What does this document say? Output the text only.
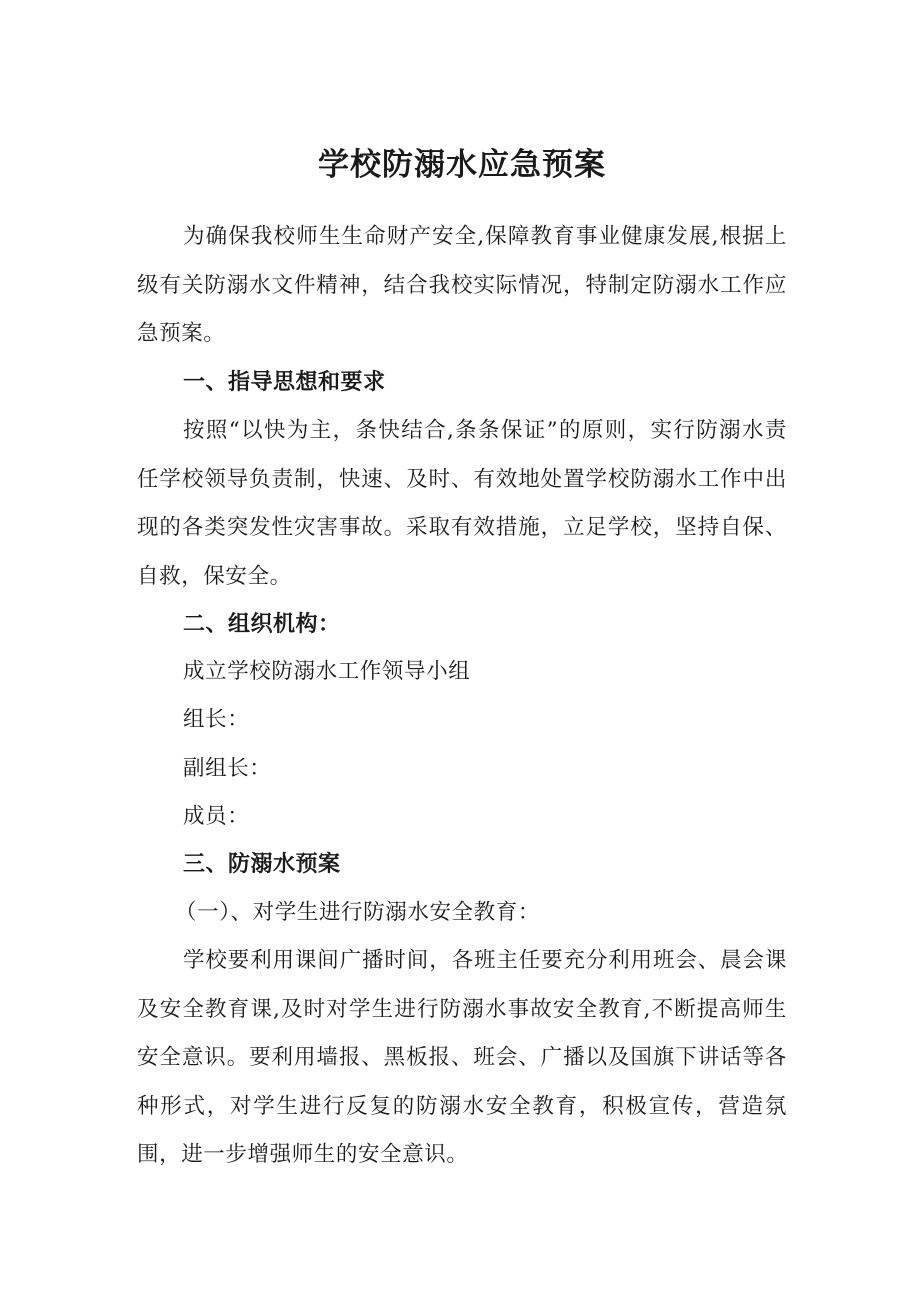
学校防溺水应急预案

为确保我校师生生命财产安全,保障教育事业健康发展,根据上级有关防溺水文件精神，结合我校实际情况，特制定防溺水工作应急预案。

一、指导思想和要求

按照“以快为主，条快结合,条条保证”的原则，实行防溺水责任学校领导负责制，快速、及时、有效地处置学校防溺水工作中出现的各类突发性灾害事故。采取有效措施，立足学校，坚持自保、自救，保安全。

二、组织机构：
成立学校防溺水工作领导小组
组长：
副组长：
成员：
三、防溺水预案
（一）、对学生进行防溺水安全教育：

学校要利用课间广播时间，各班主任要充分利用班会、晨会课及安全教育课,及时对学生进行防溺水事故安全教育,不断提高师生安全意识。要利用墙报、黑板报、班会、广播以及国旗下讲话等各种形式，对学生进行反复的防溺水安全教育，积极宣传，营造氛围，进一步增强师生的安全意识。
